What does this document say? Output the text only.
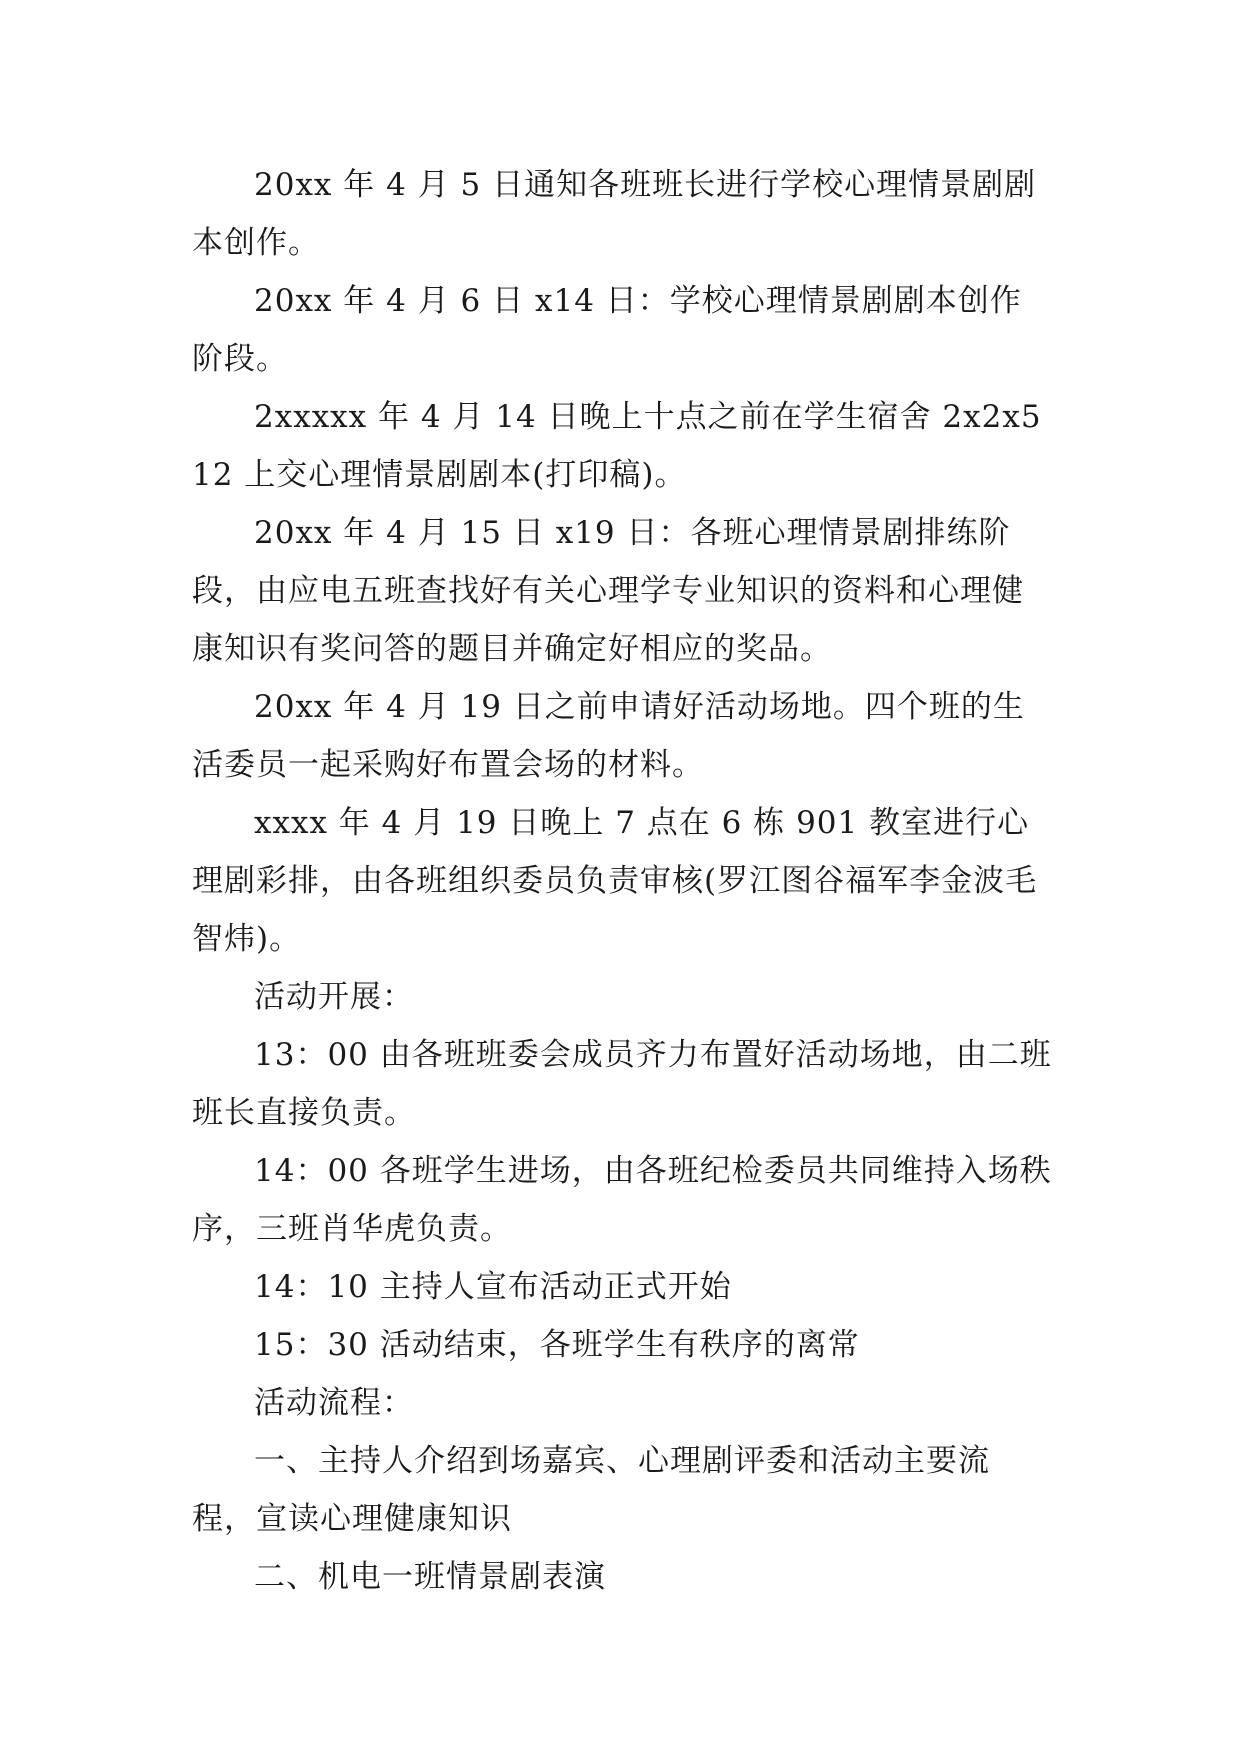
20xx 年 4 月 5 日通知各班班长进行学校心理情景剧剧本创作。

20xx 年 4 月 6 日 x14 日：学校心理情景剧剧本创作阶段。

2xxxxx 年 4 月 14 日晚上十点之前在学生宿舍 2x2x512 上交心理情景剧剧本(打印稿)。

20xx 年 4 月 15 日 x19 日：各班心理情景剧排练阶段，由应电五班查找好有关心理学专业知识的资料和心理健康知识有奖问答的题目并确定好相应的奖品。

20xx 年 4 月 19 日之前申请好活动场地。四个班的生活委员一起采购好布置会场的材料。

xxxx 年 4 月 19 日晚上 7 点在 6 栋 901 教室进行心理剧彩排，由各班组织委员负责审核(罗江图谷福军李金波毛智炜)。

活动开展：

13：00 由各班班委会成员齐力布置好活动场地，由二班班长直接负责。

14：00 各班学生进场，由各班纪检委员共同维持入场秩序，三班肖华虎负责。

14：10 主持人宣布活动正式开始

15：30 活动结束，各班学生有秩序的离常

活动流程：

一、主持人介绍到场嘉宾、心理剧评委和活动主要流程，宣读心理健康知识

二、机电一班情景剧表演
